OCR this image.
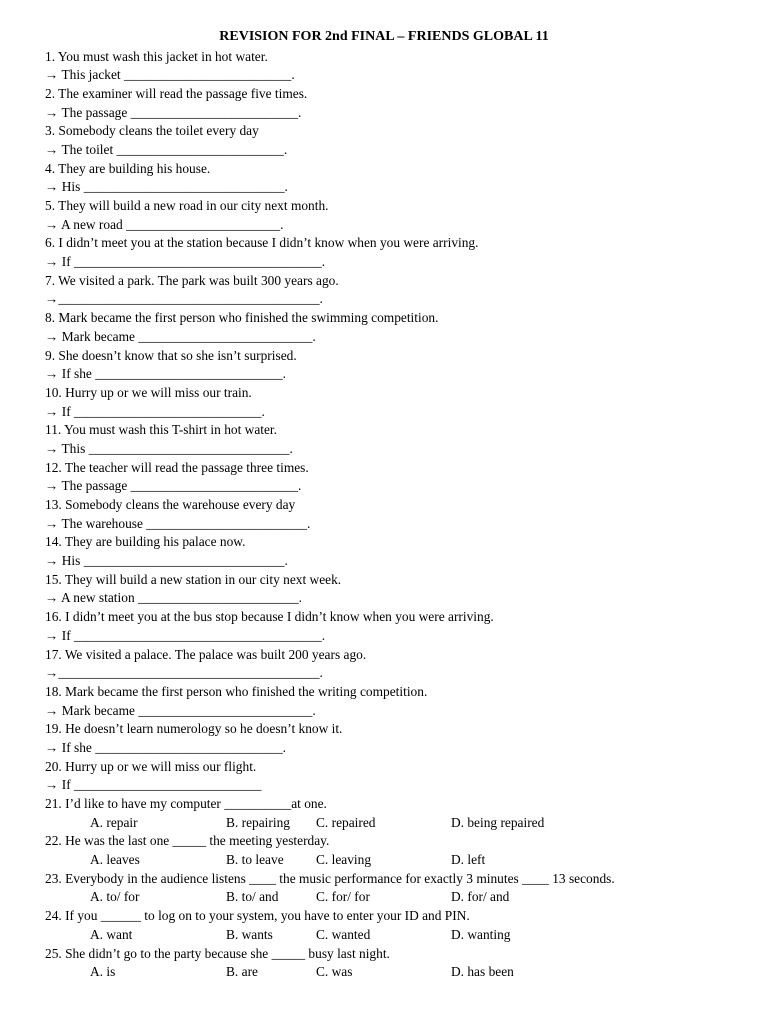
REVISION FOR 2nd FINAL – FRIENDS GLOBAL 11
1. You must wash this jacket in hot water.
→ This jacket _________________________.
2. The examiner will read the passage five times.
→ The passage _________________________.
3. Somebody cleans the toilet every day
→ The toilet _________________________.
4. They are building his house.
→ His ______________________________.
5. They will build a new road in our city next month.
→ A new road _______________________.
6. I didn’t meet you at the station because I didn’t know when you were arriving.
→ If _____________________________________.
7. We visited a park. The park was built 300 years ago.
→_______________________________________.
8. Mark became the first person who finished the swimming competition.
→ Mark became __________________________.
9. She doesn’t know that so she isn’t surprised.
→ If she ____________________________.
10. Hurry up or we will miss our train.
→ If ____________________________.
11. You must wash this T-shirt in hot water.
→ This ______________________________.
12. The teacher will read the passage three times.
→ The passage _________________________.
13. Somebody cleans the warehouse every day
→ The warehouse ________________________.
14. They are building his palace now.
→ His ______________________________.
15. They will build a new station in our city next week.
→ A new station ________________________.
16. I didn’t meet you at the bus stop because I didn’t know when you were arriving.
→ If _____________________________________.
17. We visited a palace. The palace was built 200 years ago.
→_______________________________________.
18. Mark became the first person who finished the writing competition.
→ Mark became __________________________.
19. He doesn’t learn numerology so he doesn’t know it.
→ If she ____________________________.
20. Hurry up or we will miss our flight.
→ If ____________________________
21. I’d like to have my computer __________at one.
A. repair	B. repairing C. repaired	D. being repaired
22. He was the last one _____ the meeting yesterday.
A. leaves	B. to leave C. leaving	D. left
23. Everybody in the audience listens ____ the music performance for exactly 3 minutes ____ 13 seconds.
A. to/ for	B. to/ and	C. for/ for	D. for/ and
24. If you ______ to log on to your system, you have to enter your ID and PIN.
A. want	B. wants	C. wanted	D. wanting
25. She didn’t go to the party because she _____ busy last night.
A. is	B. are	C. was	D. has been
